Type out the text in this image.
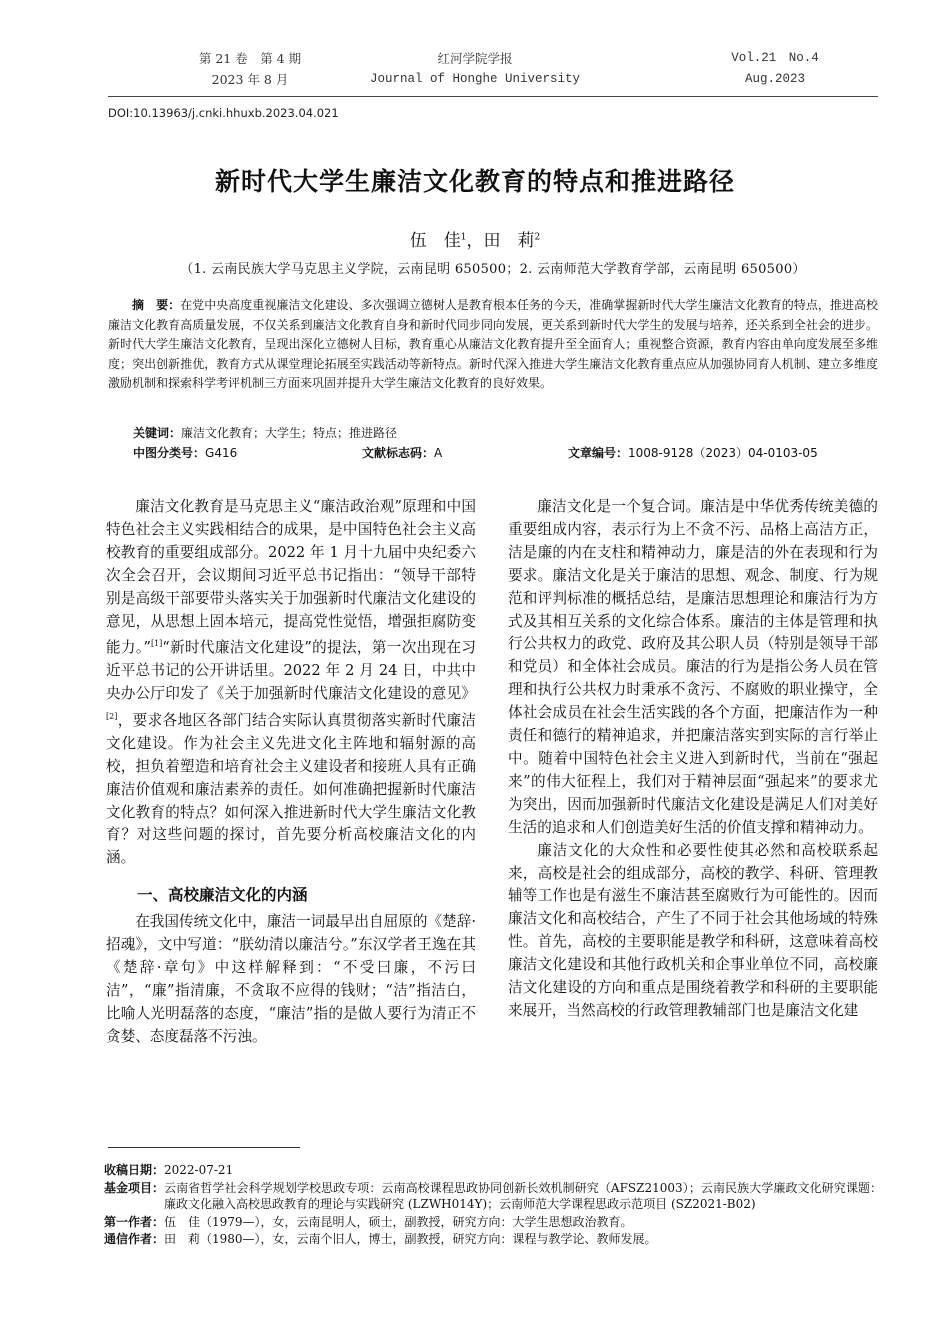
第 21 卷　第 4 期
2023 年 8 月
红河学院学报
Journal of Honghe University
Vol.21　No.4
Aug.2023
DOI:10.13963/j.cnki.hhuxb.2023.04.021
新时代大学生廉洁文化教育的特点和推进路径
伍　佳$^1$，田　莉$^2$
（1. 云南民族大学马克思主义学院，云南昆明 650500；2. 云南师范大学教育学部，云南昆明 650500）
摘　要：在党中央高度重视廉洁文化建设、多次强调立德树人是教育根本任务的今天，准确掌握新时代大学生廉洁文化教育的特点，推进高校廉洁文化教育高质量发展，不仅关系到廉洁文化教育自身和新时代同步同向发展，更关系到新时代大学生的发展与培养，还关系到全社会的进步。新时代大学生廉洁文化教育，呈现出深化立德树人目标，教育重心从廉洁文化教育提升至全面育人；重视整合资源，教育内容由单向度发展至多维度；突出创新推优，教育方式从课堂理论拓展至实践活动等新特点。新时代深入推进大学生廉洁文化教育重点应从加强协同育人机制、建立多维度激励机制和探索科学考评机制三方面来巩固并提升大学生廉洁文化教育的良好效果。
关键词：廉洁文化教育；大学生；特点；推进路径
中图分类号：G416	文献标志码：A	文章编号：1008-9128（2023）04-0103-05

廉洁文化教育是马克思主义“廉洁政治观”原理和中国特色社会主义实践相结合的成果，是中国特色社会主义高校教育的重要组成部分。2022 年 1 月十九届中央纪委六次全会召开，会议期间习近平总书记指出：“领导干部特别是高级干部要带头落实关于加强新时代廉洁文化建设的意见，从思想上固本培元，提高党性觉悟，增强拒腐防变能力。”[1]“新时代廉洁文化建设”的提法，第一次出现在习近平总书记的公开讲话里。2022 年 2 月 24 日，中共中央办公厅印发了《关于加强新时代廉洁文化建设的意见》[2]，要求各地区各部门结合实际认真贯彻落实新时代廉洁文化建设。作为社会主义先进文化主阵地和辐射源的高校，担负着塑造和培育社会主义建设者和接班人具有正确廉洁价值观和廉洁素养的责任。如何准确把握新时代廉洁文化教育的特点？如何深入推进新时代大学生廉洁文化教育？对这些问题的探讨，首先要分析高校廉洁文化的内涵。

一、高校廉洁文化的内涵

在我国传统文化中，廉洁一词最早出自屈原的《楚辞·招魂》，文中写道：“朕幼清以廉洁兮。”东汉学者王逸在其《楚辞·章句》中这样解释到：“不受曰廉，不污曰洁”，“廉”指清廉，不贪取不应得的钱财；“洁”指洁白，比喻人光明磊落的态度，“廉洁”指的是做人要行为清正不贪婪、态度磊落不污浊。

廉洁文化是一个复合词。廉洁是中华优秀传统美德的重要组成内容，表示行为上不贪不污、品格上高洁方正，洁是廉的内在支柱和精神动力，廉是洁的外在表现和行为要求。廉洁文化是关于廉洁的思想、观念、制度、行为规范和评判标准的概括总结，是廉洁思想理论和廉洁行为方式及其相互关系的文化综合体系。廉洁的主体是管理和执行公共权力的政党、政府及其公职人员（特别是领导干部和党员）和全体社会成员。廉洁的行为是指公务人员在管理和执行公共权力时秉承不贪污、不腐败的职业操守，全体社会成员在社会生活实践的各个方面，把廉洁作为一种责任和德行的精神追求，并把廉洁落实到实际的言行举止中。随着中国特色社会主义进入到新时代，当前在“强起来”的伟大征程上，我们对于精神层面“强起来”的要求尤为突出，因而加强新时代廉洁文化建设是满足人们对美好生活的追求和人们创造美好生活的价值支撑和精神动力。

廉洁文化的大众性和必要性使其必然和高校联系起来，高校是社会的组成部分，高校的教学、科研、管理教辅等工作也是有滋生不廉洁甚至腐败行为可能性的。因而廉洁文化和高校结合，产生了不同于社会其他场域的特殊性。首先，高校的主要职能是教学和科研，这意味着高校廉洁文化建设和其他行政机关和企事业单位不同，高校廉洁文化建设的方向和重点是围绕着教学和科研的主要职能来展开，当然高校的行政管理教辅部门也是廉洁文化建

收稿日期： 2022-07-21
基金项目： 云南省哲学社会科学规划学校思政专项：云南高校课程思政协同创新长效机制研究（AFSZ21003）；云南民族大学廉政文化研究课题：廉政文化融入高校思政教育的理论与实践研究 (LZWH014Y)；云南师范大学课程思政示范项目 (SZ2021-B02)
第一作者： 伍　佳（1979—），女，云南昆明人，硕士，副教授，研究方向：大学生思想政治教育。
通信作者： 田　莉（1980—），女，云南个旧人，博士，副教授，研究方向：课程与教学论、教师发展。
